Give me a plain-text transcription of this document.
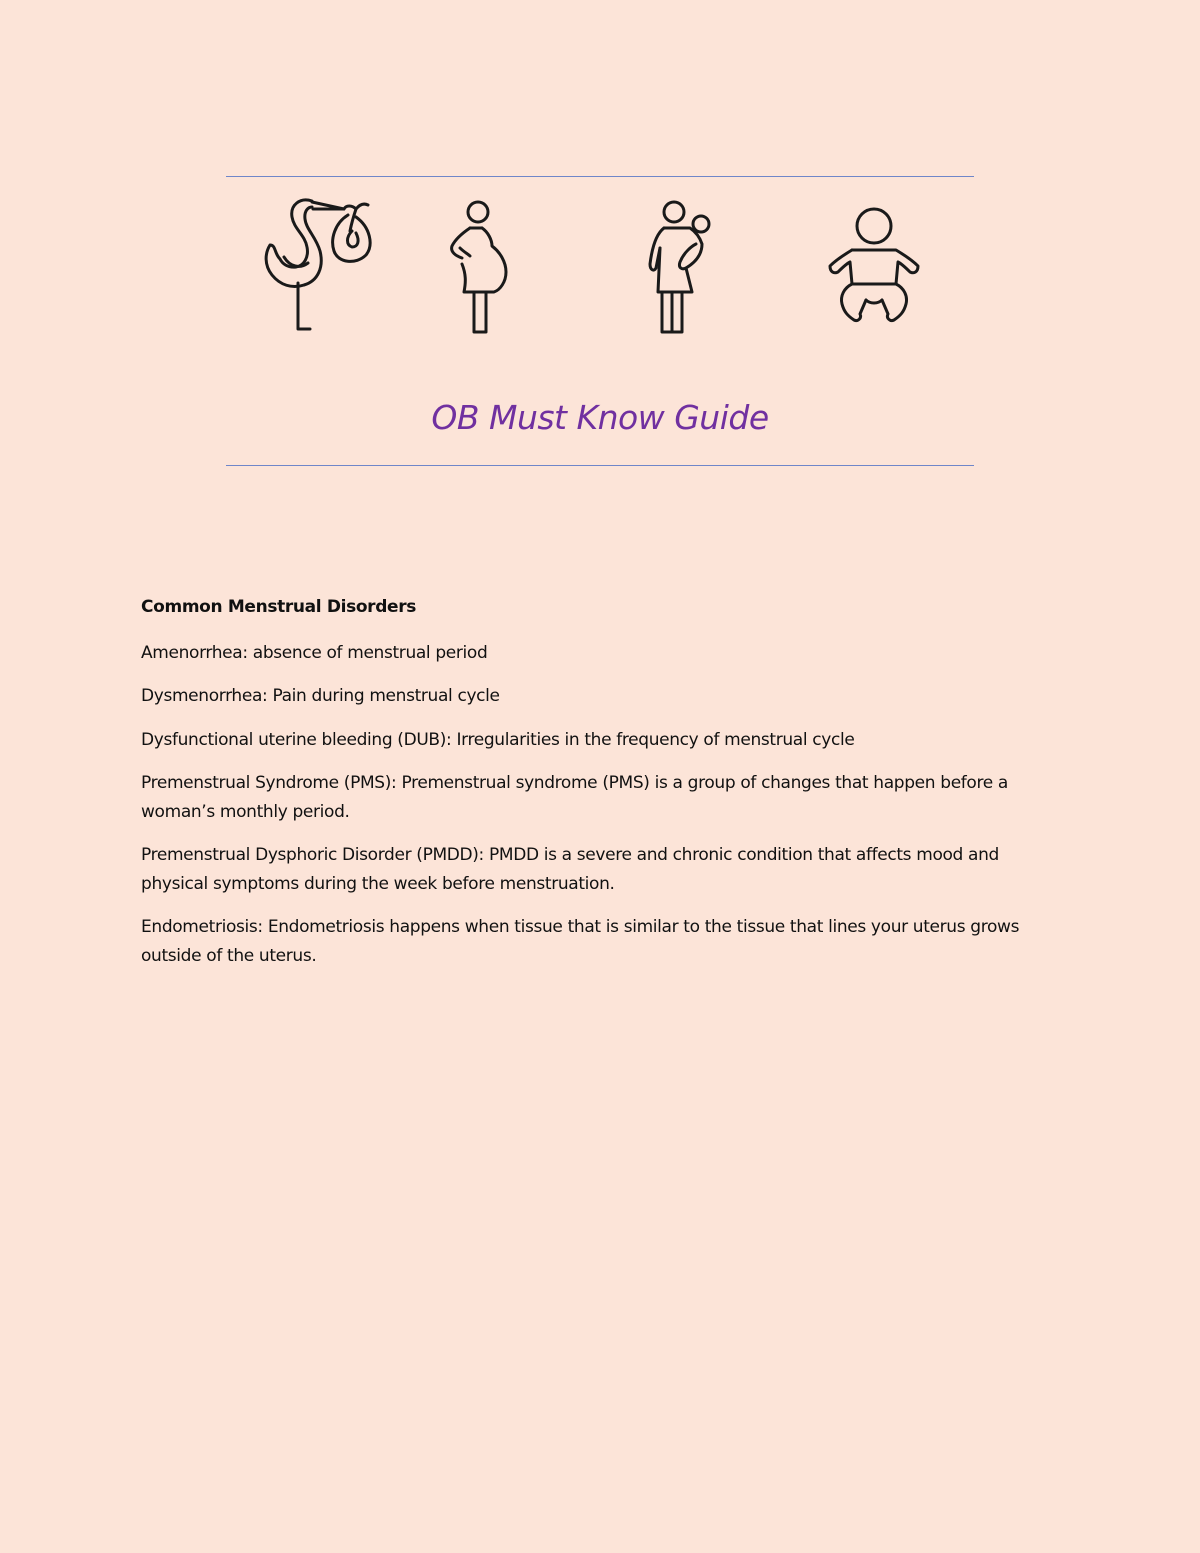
OB Must Know Guide

Common Menstrual Disorders

Amenorrhea: absence of menstrual period

Dysmenorrhea: Pain during menstrual cycle

Dysfunctional uterine bleeding (DUB): Irregularities in the frequency of menstrual cycle

Premenstrual Syndrome (PMS): Premenstrual syndrome (PMS) is a group of changes that happen before a woman’s monthly period.

Premenstrual Dysphoric Disorder (PMDD): PMDD is a severe and chronic condition that affects mood and physical symptoms during the week before menstruation.

Endometriosis: Endometriosis happens when tissue that is similar to the tissue that lines your uterus grows outside of the uterus.
